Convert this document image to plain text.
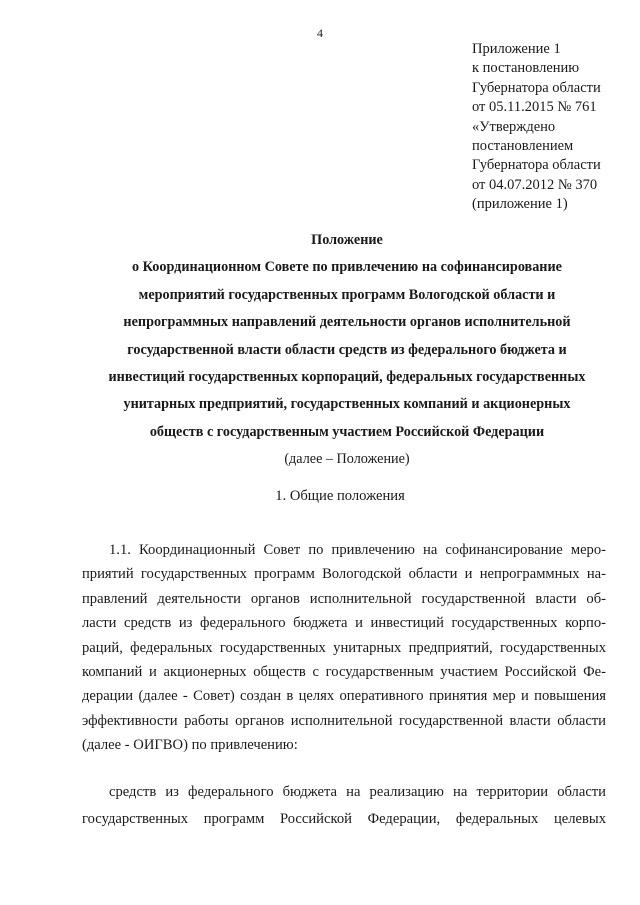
4
Приложение 1
к постановлению
Губернатора области
от 05.11.2015 № 761
«Утверждено
постановлением
Губернатора области
от 04.07.2012 № 370
(приложение 1)
Положение
о Координационном Совете по привлечению на софинансирование
мероприятий государственных программ Вологодской области и
непрограммных направлений деятельности органов исполнительной
государственной власти области средств из федерального бюджета и
инвестиций государственных корпораций, федеральных государственных
унитарных предприятий, государственных компаний и акционерных
обществ с государственным участием Российской Федерации
(далее – Положение)
1. Общие положения
1.1. Координационный Совет по привлечению на софинансирование меро-
приятий государственных программ Вологодской области и непрограммных на-
правлений деятельности органов исполнительной государственной власти об-
ласти средств из федерального бюджета и инвестиций государственных корпо-
раций, федеральных государственных унитарных предприятий, государственных
компаний и акционерных обществ с государственным участием Российской Фе-
дерации (далее - Совет) создан в целях оперативного принятия мер и повышения
эффективности работы органов исполнительной государственной власти области
(далее - ОИГВО) по привлечению:
средств из федерального бюджета на реализацию на территории области
государственных программ Российской Федерации, федеральных целевых
